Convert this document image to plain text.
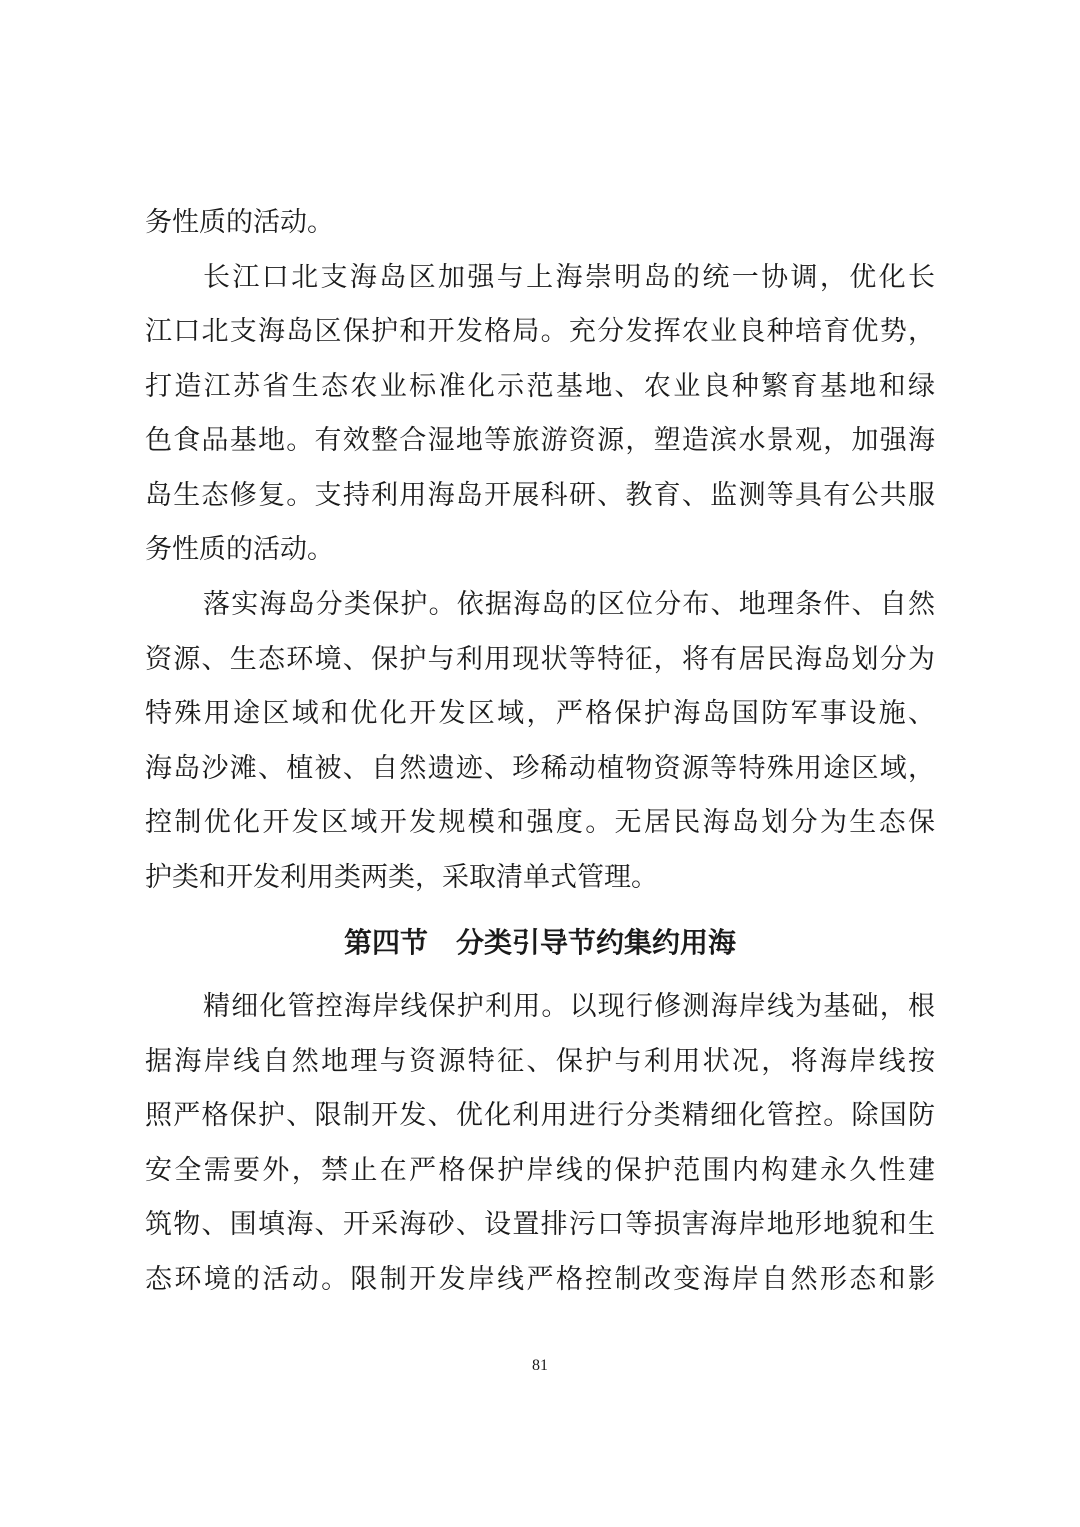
务性质的活动。
长江口北支海岛区加强与上海崇明岛的统一协调，优化长
江口北支海岛区保护和开发格局。充分发挥农业良种培育优势，
打造江苏省生态农业标准化示范基地、农业良种繁育基地和绿
色食品基地。有效整合湿地等旅游资源，塑造滨水景观，加强海
岛生态修复。支持利用海岛开展科研、教育、监测等具有公共服
务性质的活动。
落实海岛分类保护。依据海岛的区位分布、地理条件、自然
资源、生态环境、保护与利用现状等特征，将有居民海岛划分为
特殊用途区域和优化开发区域，严格保护海岛国防军事设施、
海岛沙滩、植被、自然遗迹、珍稀动植物资源等特殊用途区域，
控制优化开发区域开发规模和强度。无居民海岛划分为生态保
护类和开发利用类两类，采取清单式管理。
第四节　分类引导节约集约用海
精细化管控海岸线保护利用。以现行修测海岸线为基础，根
据海岸线自然地理与资源特征、保护与利用状况，将海岸线按
照严格保护、限制开发、优化利用进行分类精细化管控。除国防
安全需要外，禁止在严格保护岸线的保护范围内构建永久性建
筑物、围填海、开采海砂、设置排污口等损害海岸地形地貌和生
态环境的活动。限制开发岸线严格控制改变海岸自然形态和影
81
